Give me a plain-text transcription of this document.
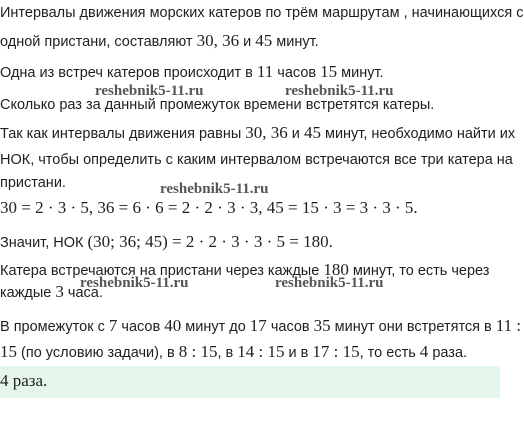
Интервалы движения морских катеров по трём маршрутам , начинающихся с
одной пристани, составляют 30, 36 и 45 минут.
Одна из встреч катеров происходит в 11 часов 15 минут.
reshebnik5-11.ru	reshebnik5-11.ru
Сколько раз за данный промежуток времени встретятся катеры.
Так как интервалы движения равны 30, 36 и 45 минут, необходимо найти их
НОК, чтобы определить с каким интервалом встречаются все три катера на
пристани.	reshebnik5-11.ru
30 = 2 · 3 · 5, 36 = 6 · 6 = 2 · 2 · 3 · 3, 45 = 15 · 3 = 3 · 3 · 5.
Значит, НОК (30; 36; 45) = 2 · 2 · 3 · 3 · 5 = 180.
Катера встречаются на пристани через каждые 180 минут, то есть через
reshebnik5-11.ru	reshebnik5-11.ru
каждые 3 часа.
В промежуток с 7 часов 40 минут до 17 часов 35 минут они встретятся в 11 :
15 (по условию задачи), в 8 : 15, в 14 : 15 и в 17 : 15, то есть 4 раза.
4 раза.
